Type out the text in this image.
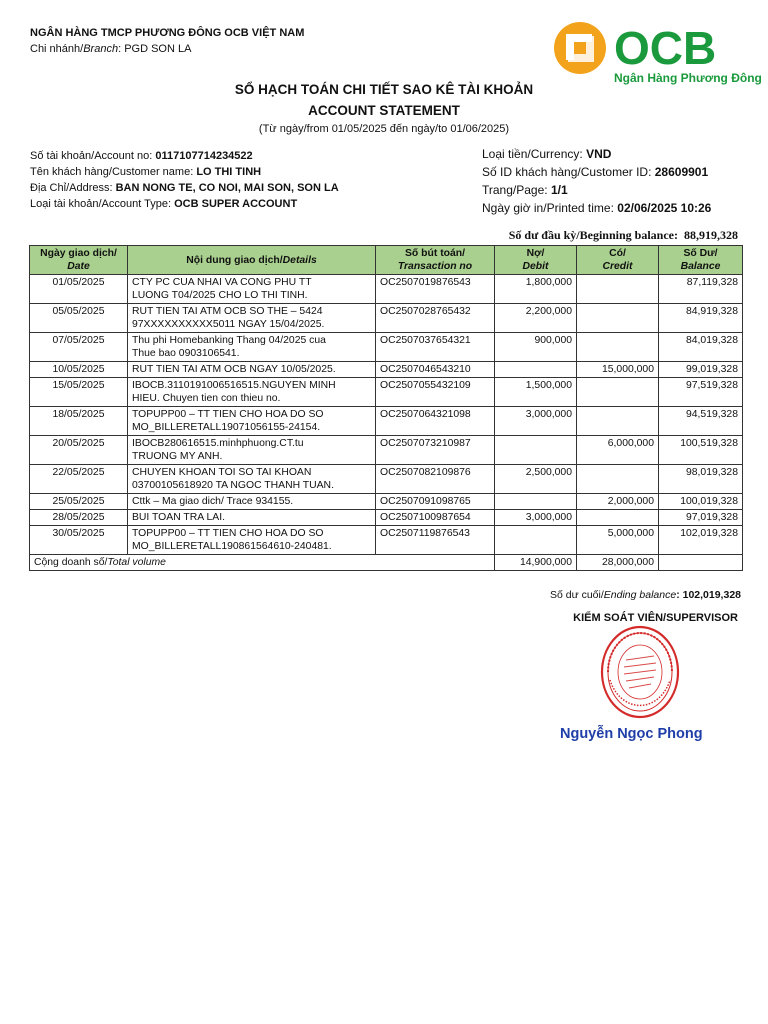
NGÂN HÀNG TMCP PHƯƠNG ĐÔNG OCB VIỆT NAM
Chi nhánh/Branch: PGD SON LA	OCB
Ngân Hàng Phương Đông
SỔ HẠCH TOÁN CHI TIẾT SAO KÊ TÀI KHOẢN
ACCOUNT STATEMENT
(Từ ngày/from 01/05/2025 đến ngày/to 01/06/2025)
Số tài khoản/Account no: 0117107714234522
Tên khách hàng/Customer name: LO THI TINH
Địa Chỉ/Address: BAN NONG TE, CO NOI, MAI SON, SON LA
Loại tài khoản/Account Type: OCB SUPER ACCOUNT
Loại tiền/Currency: VND
Số ID khách hàng/Customer ID: 28609901
Trang/Page: 1/1
Ngày giờ in/Printed time: 02/06/2025 10:26
Số dư đầu kỳ/Beginning balance: 88,919,328
Ngày giao dịch/
Date	Nội dung giao dịch/Details	Số bút toán/
Transaction no	Nợ/
Debit	Có/
Credit	Số Dư/
Balance

01/05/2025	CTY PC CUA NHAI VA CONG PHU TT
LUONG T04/2025 CHO LO THI TINH.	OC2507019876543	1,800,000		87,119,328
05/05/2025	RUT TIEN TAI ATM OCB SO THE – 5424
97XXXXXXXXXX5011 NGAY 15/04/2025.	OC2507028765432	2,200,000		84,919,328
07/05/2025	Thu phi Homebanking Thang 04/2025 cua
Thue bao 0903106541.	OC2507037654321	900,000		84,019,328
10/05/2025	RUT TIEN TAI ATM OCB NGAY 10/05/2025.	OC2507046543210		15,000,000	99,019,328
15/05/2025	IBOCB.3110191006516515.NGUYEN MINH
HIEU. Chuyen tien con thieu no.	OC2507055432109	1,500,000		97,519,328
18/05/2025	TOPUPP00 – TT TIEN CHO HOA DO SO
MO_BILLERETALL19071056155-24154.	OC2507064321098	3,000,000		94,519,328
20/05/2025	IBOCB280616515.minhphuong.CT.tu
TRUONG MY ANH.	OC2507073210987		6,000,000	100,519,328
22/05/2025	CHUYEN KHOAN TOI SO TAI KHOAN
03700105618920 TA NGOC THANH TUAN.	OC2507082109876	2,500,000		98,019,328
25/05/2025	Cttk – Ma giao dich/ Trace 934155.	OC2507091098765		2,000,000	100,019,328
28/05/2025	BUI TOAN TRA LAI.	OC2507100987654	3,000,000		97,019,328
30/05/2025	TOPUPP00 – TT TIEN CHO HOA DO SO
MO_BILLERETALL190861564610-240481.	OC2507119876543		5,000,000	102,019,328
Cộng doanh số/Total volume			14,900,000	28,000,000	
Số dư cuối/Ending balance: 102,019,328
KIỂM SOÁT VIÊN/SUPERVISOR
Nguyễn Ngọc Phong
